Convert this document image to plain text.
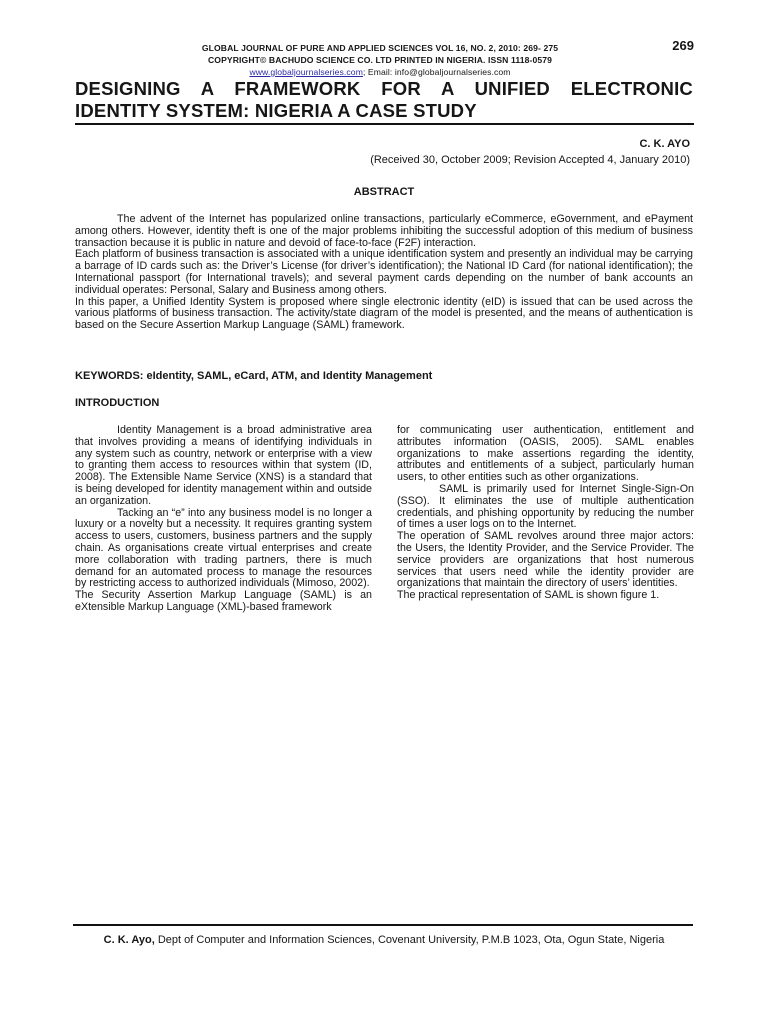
GLOBAL JOURNAL OF PURE AND APPLIED SCIENCES VOL 16, NO. 2, 2010: 269- 275
COPYRIGHT© BACHUDO SCIENCE CO. LTD PRINTED IN NIGERIA. ISSN 1118-0579
www.globaljournalseries.com; Email: info@globaljournalseries.com
269
DESIGNING A FRAMEWORK FOR A UNIFIED ELECTRONIC
IDENTITY SYSTEM: NIGERIA A CASE STUDY
C. K. AYO
(Received 30, October 2009; Revision Accepted 4, January 2010)
ABSTRACT

The advent of the Internet has popularized online transactions, particularly eCommerce, eGovernment, and ePayment among others. However, identity theft is one of the major problems inhibiting the successful adoption of this medium of business transaction because it is public in nature and devoid of face-to-face (F2F) interaction.

Each platform of business transaction is associated with a unique identification system and presently an individual may be carrying a barrage of ID cards such as: the Driver’s License (for driver’s identification); the National ID Card (for national identification); the International passport (for International travels); and several payment cards depending on the number of bank accounts an individual operates: Personal, Salary and Business among others.

In this paper, a Unified Identity System is proposed where single electronic identity (eID) is issued that can be used across the various platforms of business transaction. The activity/state diagram of the model is presented, and the means of authentication is based on the Secure Assertion Markup Language (SAML) framework.

KEYWORDS: eIdentity, SAML, eCard, ATM, and Identity Management
INTRODUCTION

Identity Management is a broad administrative area that involves providing a means of identifying individuals in any system such as country, network or enterprise with a view to granting them access to resources within that system (ID, 2008). The Extensible Name Service (XNS) is a standard that is being developed for identity management within and outside an organization.

Tacking an “e” into any business model is no longer a luxury or a novelty but a necessity. It requires granting system access to users, customers, business partners and the supply chain. As organisations create virtual enterprises and create more collaboration with trading partners, there is much demand for an automated process to manage the resources by restricting access to authorized individuals (Mimoso, 2002).

The Security Assertion Markup Language (SAML) is an eXtensible Markup Language (XML)-based framework

for communicating user authentication, entitlement and attributes information (OASIS, 2005). SAML enables organizations to make assertions regarding the identity, attributes and entitlements of a subject, particularly human users, to other entities such as other organizations.

SAML is primarily used for Internet Single-Sign-On (SSO). It eliminates the use of multiple authentication credentials, and phishing opportunity by reducing the number of times a user logs on to the Internet.

The operation of SAML revolves around three major actors: the Users, the Identity Provider, and the Service Provider. The service providers are organizations that host numerous services that users need while the identity provider are organizations that maintain the directory of users’ identities.

The practical representation of SAML is shown figure 1.

C. K. Ayo, Dept of Computer and Information Sciences, Covenant University, P.M.B 1023, Ota, Ogun State, Nigeria
